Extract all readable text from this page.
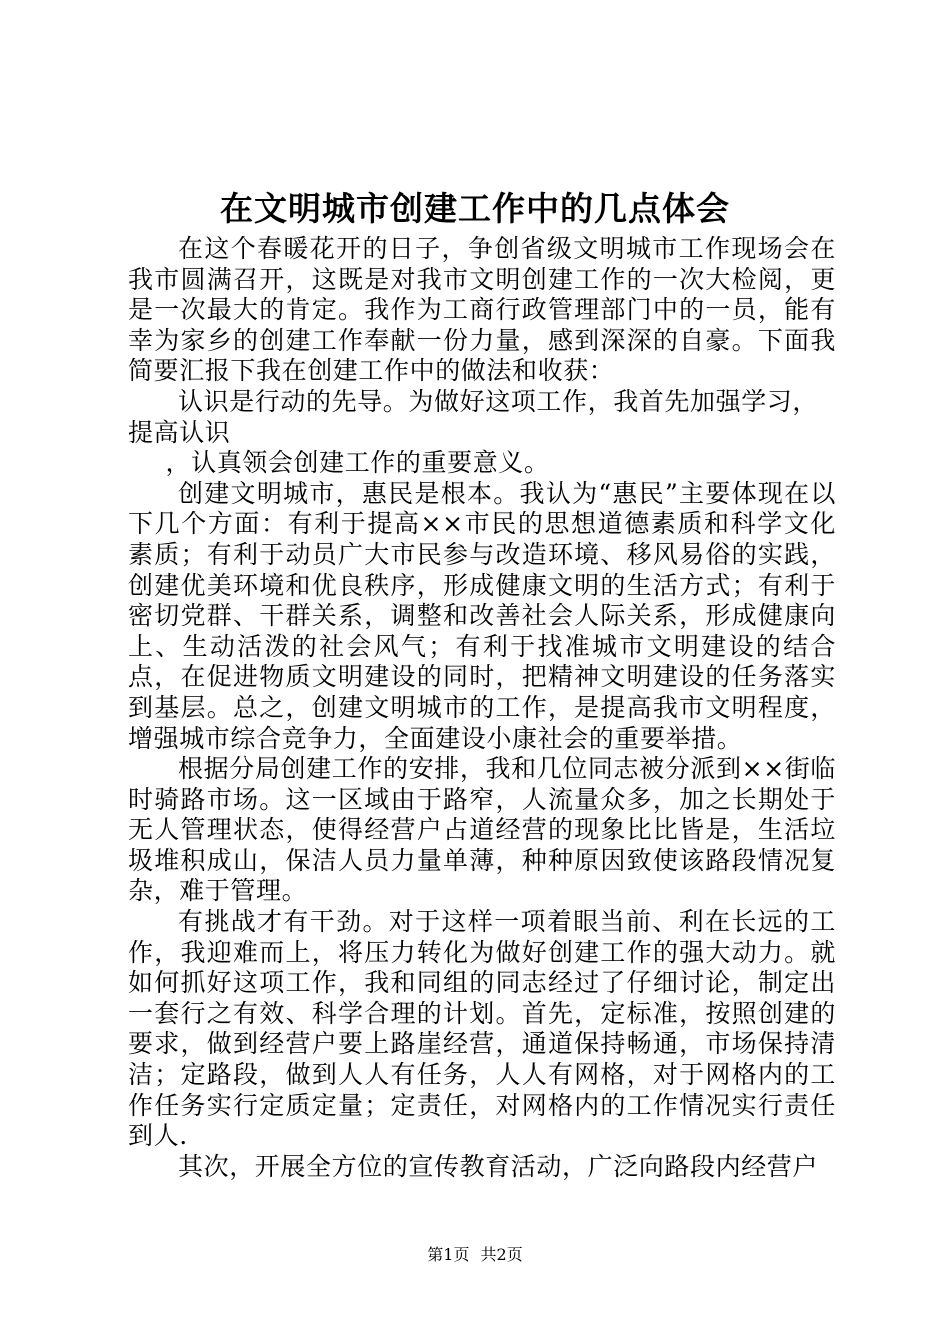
在文明城市创建工作中的几点体会

在这个春暖花开的日子，争创省级文明城市工作现场会在我市圆满召开，这既是对我市文明创建工作的一次大检阅，更是一次最大的肯定。我作为工商行政管理部门中的一员，能有幸为家乡的创建工作奉献一份力量，感到深深的自豪。下面我简要汇报下我在创建工作中的做法和收获：

认识是行动的先导。为做好这项工作，我首先加强学习，

提高认识

，认真领会创建工作的重要意义。

创建文明城市，惠民是根本。我认为“惠民”主要体现在以下几个方面：有利于提高××市民的思想道德素质和科学文化素质；有利于动员广大市民参与改造环境、移风易俗的实践，创建优美环境和优良秩序，形成健康文明的生活方式；有利于密切党群、干群关系，调整和改善社会人际关系，形成健康向上、生动活泼的社会风气；有利于找准城市文明建设的结合点，在促进物质文明建设的同时，把精神文明建设的任务落实到基层。总之，创建文明城市的工作，是提高我市文明程度，增强城市综合竞争力，全面建设小康社会的重要举措。

根据分局创建工作的安排，我和几位同志被分派到××街临时骑路市场。这一区域由于路窄，人流量众多，加之长期处于无人管理状态，使得经营户占道经营的现象比比皆是，生活垃圾堆积成山，保洁人员力量单薄，种种原因致使该路段情况复杂，难于管理。

有挑战才有干劲。对于这样一项着眼当前、利在长远的工作，我迎难而上，将压力转化为做好创建工作的强大动力。就如何抓好这项工作，我和同组的同志经过了仔细讨论，制定出一套行之有效、科学合理的计划。首先，定标准，按照创建的要求，做到经营户要上路崖经营，通道保持畅通，市场保持清洁；定路段，做到人人有任务，人人有网格，对于网格内的工作任务实行定质定量；定责任，对网格内的工作情况实行责任到人.

其次，开展全方位的宣传教育活动，广泛向路段内经营户

第1页 共2页
